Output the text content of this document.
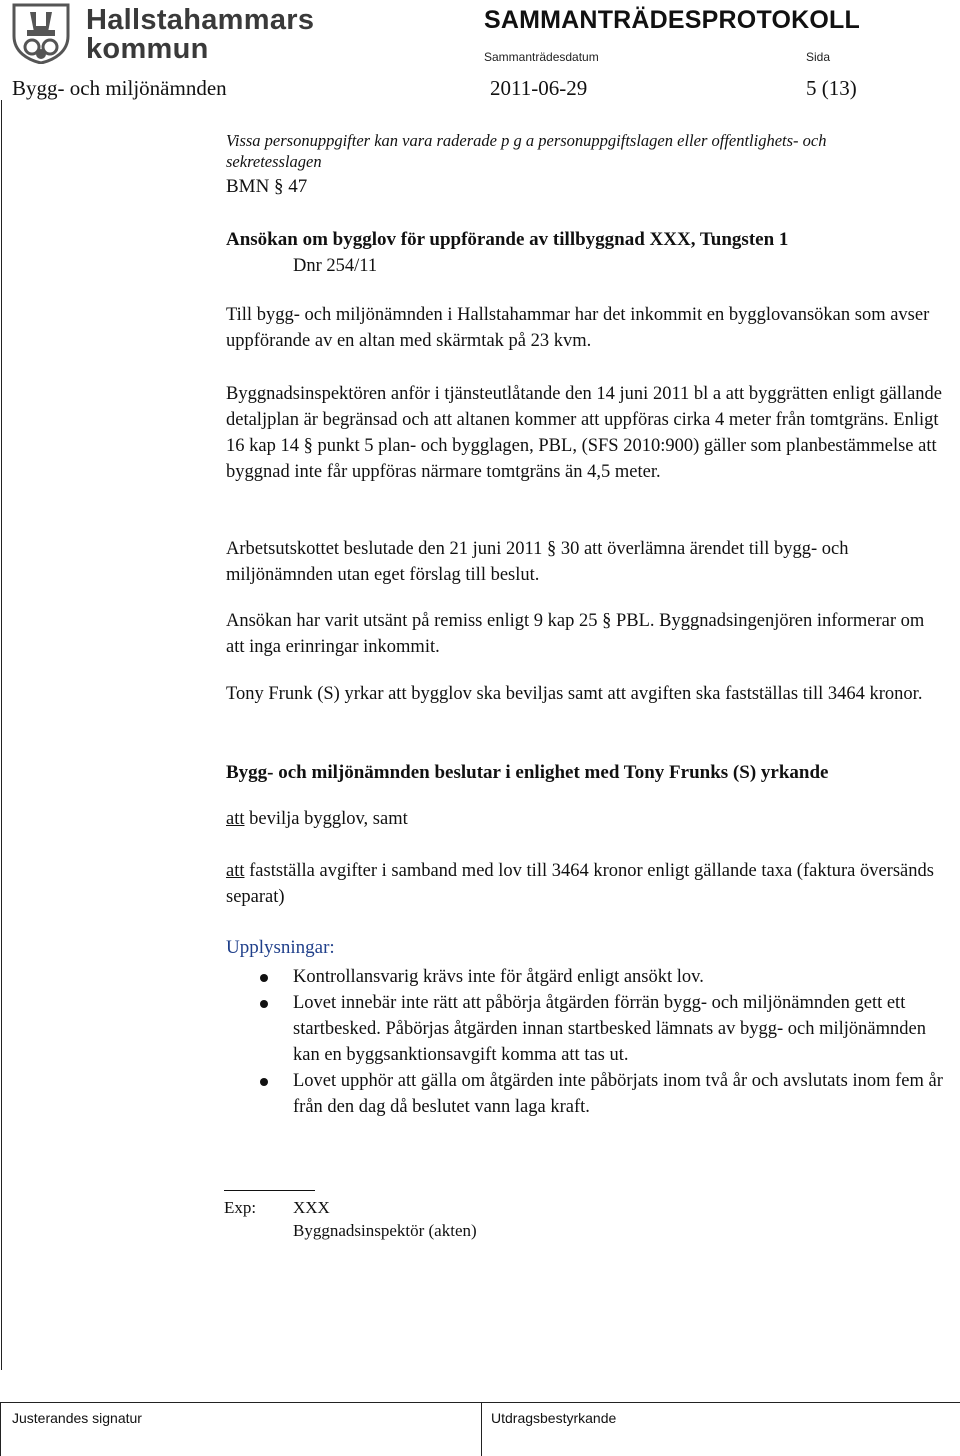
Hallstahammars
kommun
SAMMANTRÄDESPROTOKOLL
Sammanträdesdatum	Sida
Bygg- och miljönämnden	2011-06-29	5 (13)
Vissa personuppgifter kan vara raderade p g a personuppgiftslagen eller offentlighets- och
sekretesslagen
BMN § 47
Ansökan om bygglov för uppförande av tillbyggnad XXX, Tungsten 1
Dnr 254/11
Till bygg- och miljönämnden i Hallstahammar har det inkommit en bygglovansökan som avser uppförande av en altan med skärmtak på 23 kvm.
Byggnadsinspektören anför i tjänsteutlåtande den 14 juni 2011 bl a att byggrätten enligt gällande detaljplan är begränsad och att altanen kommer att uppföras cirka 4 meter från tomtgräns. Enligt 16 kap 14 § punkt 5 plan- och bygglagen, PBL, (SFS 2010:900) gäller som planbestämmelse att byggnad inte får uppföras närmare tomtgräns än 4,5 meter.
Arbetsutskottet beslutade den 21 juni 2011 § 30 att överlämna ärendet till bygg- och miljönämnden utan eget förslag till beslut.
Ansökan har varit utsänt på remiss enligt 9 kap 25 § PBL. Byggnadsingenjören informerar om att inga erinringar inkommit.
Tony Frunk (S) yrkar att bygglov ska beviljas samt att avgiften ska fastställas till 3464 kronor.
Bygg- och miljönämnden beslutar i enlighet med Tony Frunks (S) yrkande
att bevilja bygglov, samt
att fastställa avgifter i samband med lov till 3464 kronor enligt gällande taxa (faktura översänds separat)
Upplysningar:
Kontrollansvarig krävs inte för åtgärd enligt ansökt lov.
Lovet innebär inte rätt att påbörja åtgärden förrän bygg- och miljönämnden gett ett startbesked. Påbörjas åtgärden innan startbesked lämnats av bygg- och miljönämnden kan en byggsanktionsavgift komma att tas ut.
Lovet upphör att gälla om åtgärden inte påbörjats inom två år och avslutats inom fem år från den dag då beslutet vann laga kraft.
Exp: XXX
Byggnadsinspektör (akten)
Justerandes signatur	Utdragsbestyrkande
